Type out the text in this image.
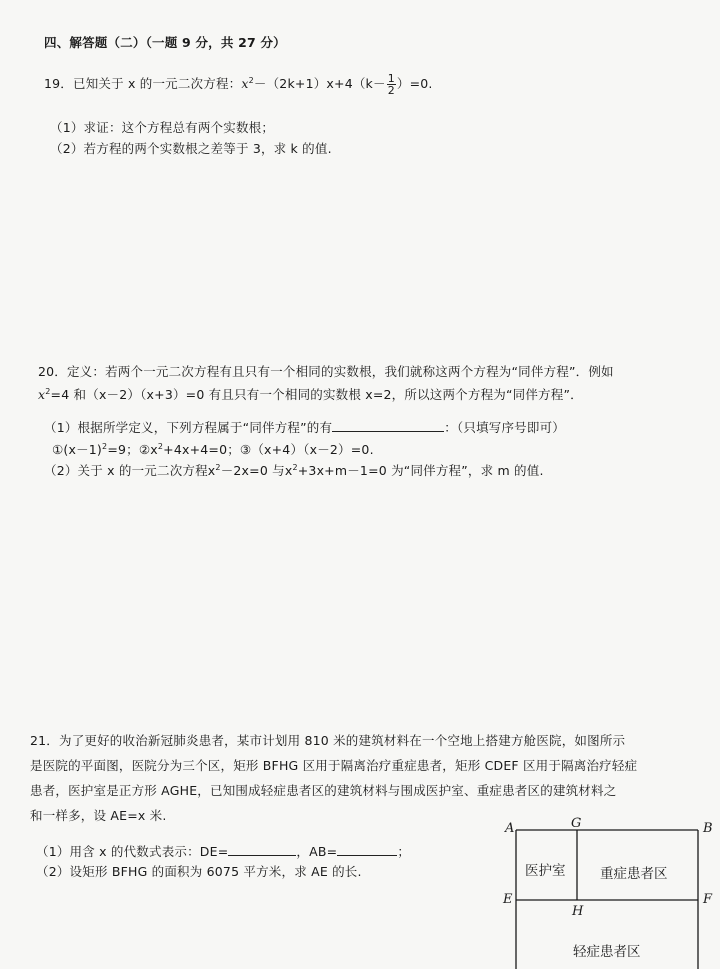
四、解答题（二）（一题 9 分，共 27 分）
19．已知关于 x 的一元二次方程：$x^2-(2k+1)x+4(k- \frac{1}{2} )=0$.
（1）求证：这个方程总有两个实数根；
（2）若方程的两个实数根之差等于 3，求 k 的值.
20．定义：若两个一元二次方程有且只有一个相同的实数根，我们就称这两个方程为“同伴方程”．例如
$x^2=4$ 和（x－2）（x+3）=0 有且只有一个相同的实数根 x=2，所以这两个方程为“同伴方程”．
（1）根据所学定义，下列方程属于“同伴方程”的有	：（只填写序号即可）
$①(x-1)^2=9$；$②x^2+4x+4=0$；③（x+4）（x－2）=0.
（2）关于 x 的一元二次方程$x^2-2x=0$ 与$x^2+3x+m-1=0$ 为“同伴方程”，求 m 的值.
21．为了更好的收治新冠肺炎患者，某市计划用 810 米的建筑材料在一个空地上搭建方舱医院，如图所示
是医院的平面图，医院分为三个区，矩形 BFHG 区用于隔离治疗重症患者，矩形 CDEF 区用于隔离治疗轻症
患者，医护室是正方形 AGHE，已知围成轻症患者区的建筑材料与围成医护室、重症患者区的建筑材料之
和一样多，设 AE=x 米.
（1）用含 x 的代数式表示：DE=	，AB=	；
（2）设矩形 BFHG 的面积为 6075 平方米，求 AE 的长.
A	G	B
E
H
F
医护室	重症患者区
轻症患者区
